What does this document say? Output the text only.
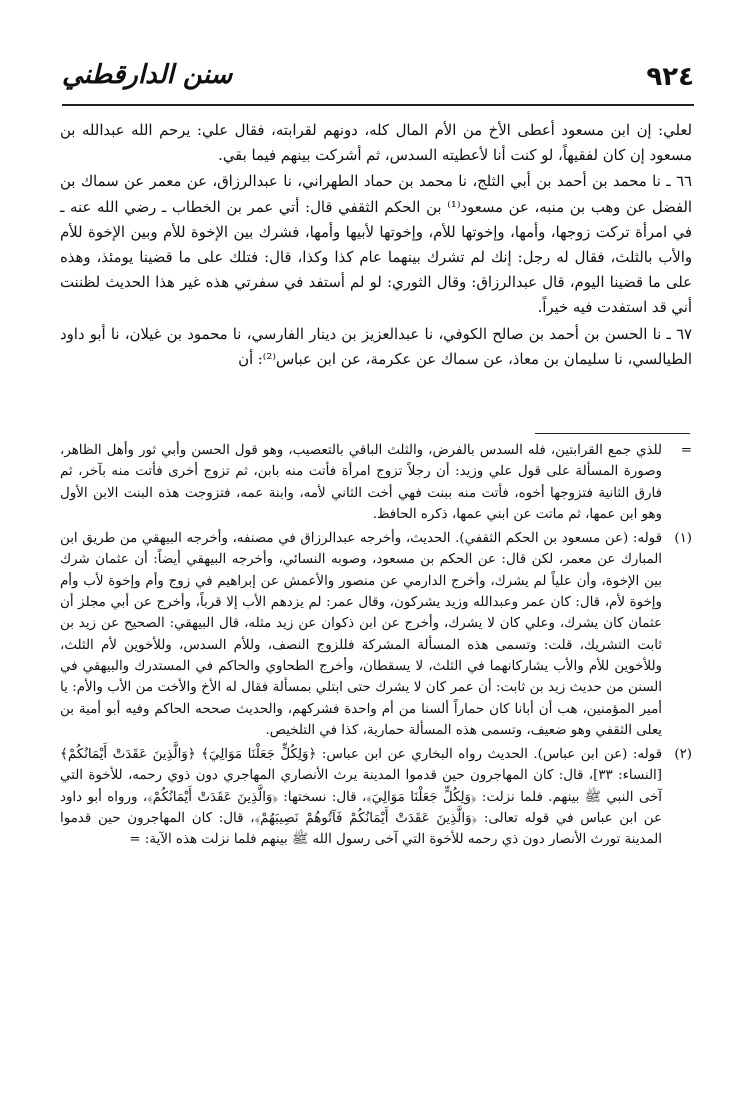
٩٢٤
سنن الدارقطني

لعلي: إن ابن مسعود أعطى الأخ من الأم المال كله، دونهم لقرابته، فقال علي: يرحم الله عبدالله بن مسعود إن كان لفقيهاً، لو كنت أنا لأعطيته السدس، ثم أشركت بينهم فيما بقي.

٦٦ ـ نا محمد بن أحمد بن أبي الثلج، نا محمد بن حماد الطهراني، نا عبدالرزاق، عن معمر عن سماك بن الفضل عن وهب بن منبه، عن مسعود⁽¹⁾ بن الحكم الثقفي قال: أتي عمر بن الخطاب ـ رضي الله عنه ـ في امرأة تركت زوجها، وأمها، وإخوتها للأم، وإخوتها لأبيها وأمها، فشرك بين الإخوة للأم وبين الإخوة للأم والأب بالثلث، فقال له رجل: إنك لم تشرك بينهما عام كذا وكذا، قال: فتلك على ما قضينا يومئذ، وهذه على ما قضينا اليوم، قال عبدالرزاق: وقال الثوري: لو لم أستفد في سفرتي هذه غير هذا الحديث لظننت أني قد استفدت فيه خيراً.

٦٧ ـ نا الحسن بن أحمد بن صالح الكوفي، نا عبدالعزيز بن دينار الفارسي، نا محمود بن غيلان، نا أبو داود الطيالسي، نا سليمان بن معاذ، عن سماك عن عكرمة، عن ابن عباس⁽²⁾: أن

=

للذي جمع القرابتين، فله السدس بالفرض، والثلث الباقي بالتعصيب، وهو قول الحسن وأبي ثور وأهل الظاهر، وصورة المسألة على قول علي وزيد: أن رجلاً تزوج امرأة فأتت منه بابن، ثم تزوج أخرى فأتت منه بآخر، ثم فارق الثانية فتزوجها أخوه، فأتت منه ببنت فهي أخت الثاني لأمه، وابنة عمه، فتزوجت هذه البنت الابن الأول وهو ابن عمها، ثم ماتت عن ابني عمها، ذكره الحافظ.

(١)

قوله: (عن مسعود بن الحكم الثقفي). الحديث، وأخرجه عبدالرزاق في مصنفه، وأخرجه البيهقي من طريق ابن المبارك عن معمر، لكن قال: عن الحكم بن مسعود، وصوبه النسائي، وأخرجه البيهقي أيضاً: أن عثمان شرك بين الإخوة، وأن علياً لم يشرك، وأخرج الدارمي عن منصور والأعمش عن إبراهيم في زوج وأم وإخوة لأب وأم وإخوة لأم، قال: كان عمر وعبدالله وزيد يشركون، وقال عمر: لم يزدهم الأب إلا قرباً، وأخرج عن أبي مجلز أن عثمان كان يشرك، وعلي كان لا يشرك، وأخرج عن ابن ذكوان عن زيد مثله، قال البيهقي: الصحيح عن زيد بن ثابت التشريك، قلت: وتسمى هذه المسألة المشركة فللزوج النصف، وللأم السدس، وللأخوين لأم الثلث، وللأخوين للأم والأب يشاركانهما في الثلث، لا يسقطان، وأخرج الطحاوي والحاكم في المستدرك والبيهقي في السنن من حديث زيد بن ثابت: أن عمر كان لا يشرك حتى ابتلي بمسألة فقال له الأخ والأخت من الأب والأم: يا أمير المؤمنين، هب أن أبانا كان حماراً ألسنا من أم واحدة فشركهم، والحديث صححه الحاكم وفيه أبو أمية بن يعلى الثقفي وهو ضعيف، وتسمى هذه المسألة حمارية، كذا في التلخيص.

(٢)

قوله: (عن ابن عباس). الحديث رواه البخاري عن ابن عباس: ﴿وَلِكُلٍّ جَعَلْنَا مَوَالِيَ﴾ ﴿وَالَّذِينَ عَقَدَتْ أَيْمَانُكُمْ﴾ [النساء: ٣٣]، قال: كان المهاجرون حين قدموا المدينة يرث الأنصاري المهاجري دون ذوي رحمه، للأخوة التي آخى النبي ﷺ بينهم. فلما نزلت: ﴿وَلِكُلٍّ جَعَلْنَا مَوَالِيَ﴾، قال: نسختها: ﴿وَالَّذِينَ عَقَدَتْ أَيْمَانُكُمْ﴾، ورواه أبو داود عن ابن عباس في قوله تعالى: ﴿وَالَّذِينَ عَقَدَتْ أَيْمَانُكُمْ فَآتُوهُمْ نَصِيبَهُمْ﴾، قال: كان المهاجرون حين قدموا المدينة تورث الأنصار دون ذي رحمه للأخوة التي آخى رسول الله ﷺ بينهم فلما نزلت هذه الآية: =
